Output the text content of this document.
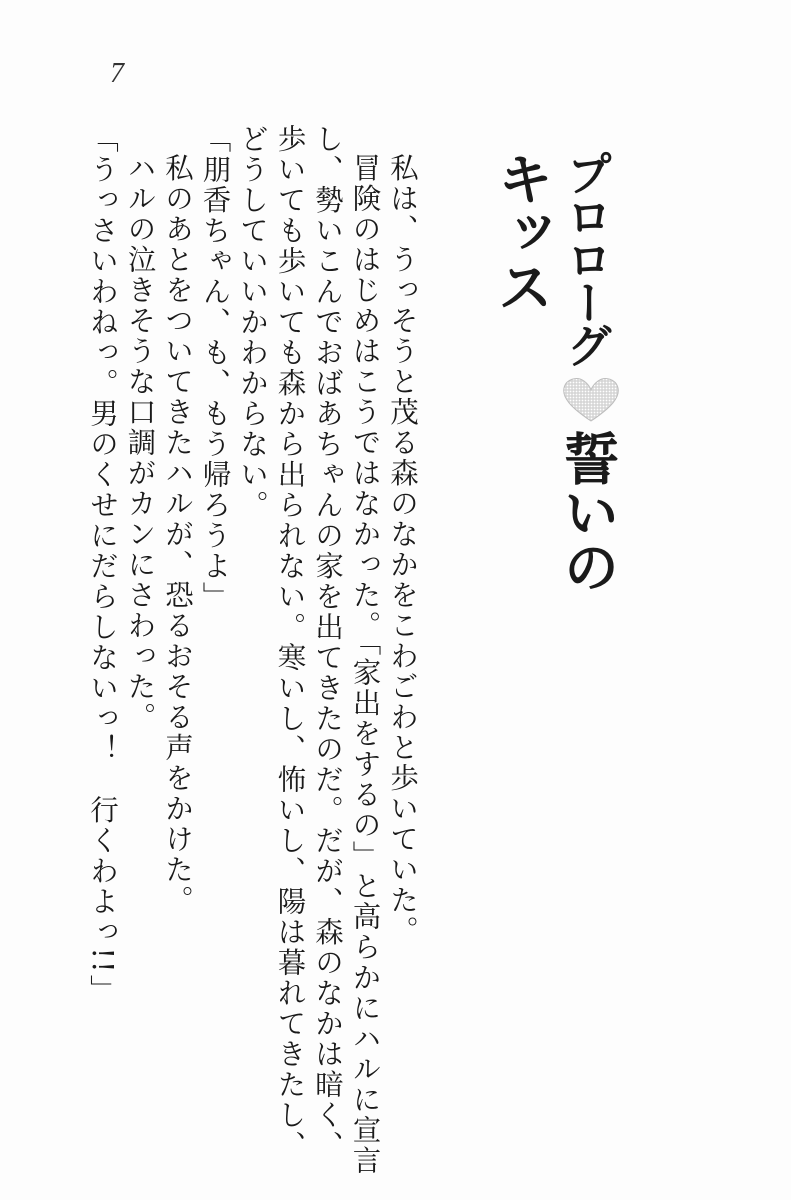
7
プロローグ  誓いのキッス

私は、うっそうと茂る森のなかをこわごわと歩いていた。

冒険のはじめはこうではなかった。「家出をするの」と高らかにハルに宣言し、勢いこんでおばあちゃんの家を出てきたのだ。だが、森のなかは暗く、歩いても歩いても森から出られない。寒いし、怖いし、陽は暮れてきたし、どうしていいかわからない。

「朋香ちゃん、も、もう帰ろうよ」

私のあとをついてきたハルが、恐るおそる声をかけた。

ハルの泣きそうな口調がカンにさわった。

「うっさいわねっ。男のくせにだらしないっ！　行くわよっ!!」
